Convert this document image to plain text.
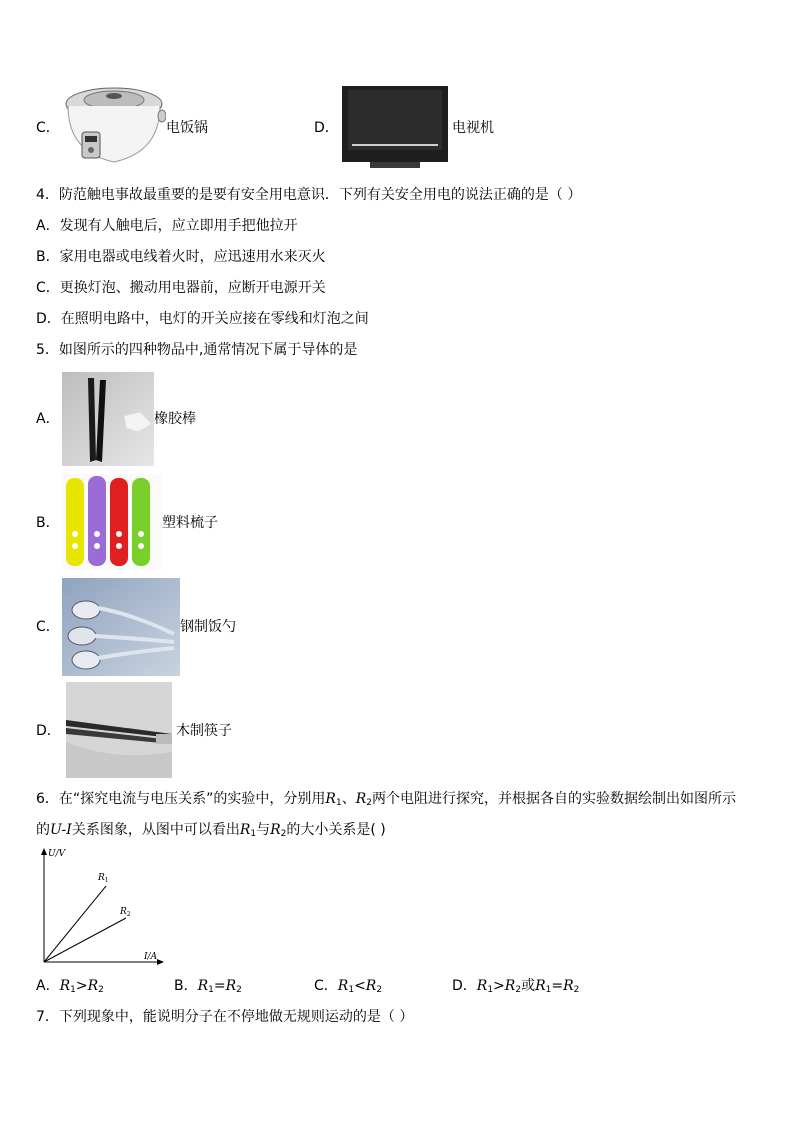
C．	电饭锅	D．	电视机
4．防范触电事故最重要的是要有安全用电意识．下列有关安全用电的说法正确的是（ ）
A．发现有人触电后，应立即用手把他拉开
B．家用电器或电线着火时，应迅速用水来灭火
C．更换灯泡、搬动用电器前，应断开电源开关
D．在照明电路中，电灯的开关应接在零线和灯泡之间
5．如图所示的四种物品中,通常情况下属于导体的是
A．	橡胶棒
B．	塑料梳子
C．	钢制饭勺
D．	木制筷子
6．在“探究电流与电压关系”的实验中，分别用$R_1$、$R_2$两个电阻进行探究，并根据各自的实验数据绘制出如图所示
的U-I关系图象，从图中可以看出$R_1$与$R_2$的大小关系是( )
U/V
I/A
$R_1$
$R_2$
A．$R_1>R_2$	B．$R_1=R_2$	C．$R_1<R_2$	D．$R_1>R_2$或$R_1=R_2$
7．下列现象中，能说明分子在不停地做无规则运动的是（ ）
